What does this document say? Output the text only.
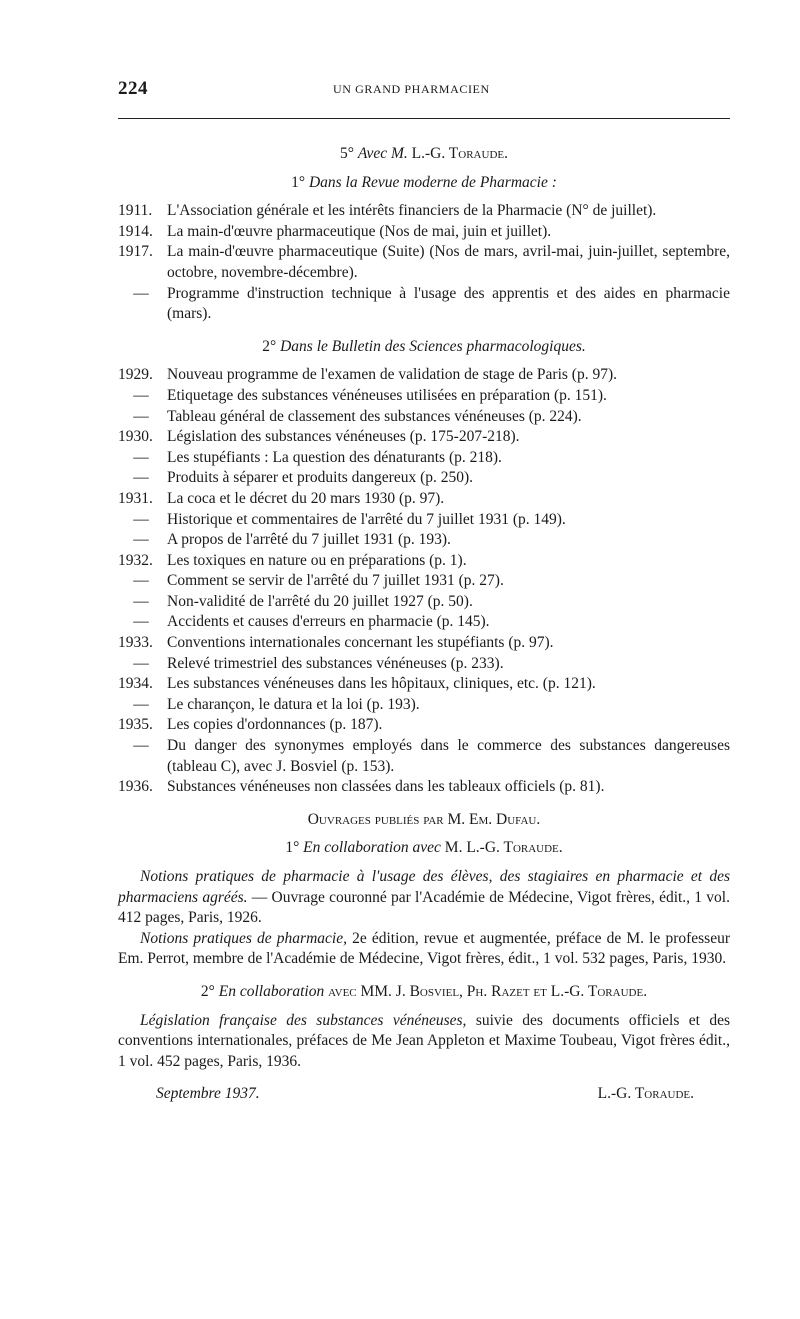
224	UN GRAND PHARMACIEN
5° Avec M. L.-G. Toraude.
1° Dans la Revue moderne de Pharmacie :
1911. L'Association générale et les intérêts financiers de la Pharmacie (N° de juillet).
1914. La main-d'œuvre pharmaceutique (Nos de mai, juin et juillet).
1917. La main-d'œuvre pharmaceutique (Suite) (Nos de mars, avril-mai, juin-juillet, septembre, octobre, novembre-décembre).
—	Programme d'instruction technique à l'usage des apprentis et des aides en pharmacie (mars).
2° Dans le Bulletin des Sciences pharmacologiques.
1929. Nouveau programme de l'examen de validation de stage de Paris (p. 97).
—	Etiquetage des substances vénéneuses utilisées en préparation (p. 151).
—	Tableau général de classement des substances vénéneuses (p. 224).
1930. Législation des substances vénéneuses (p. 175-207-218).
—	Les stupéfiants : La question des dénaturants (p. 218).
—	Produits à séparer et produits dangereux (p. 250).
1931. La coca et le décret du 20 mars 1930 (p. 97).
—	Historique et commentaires de l'arrêté du 7 juillet 1931 (p. 149).
—	A propos de l'arrêté du 7 juillet 1931 (p. 193).
1932. Les toxiques en nature ou en préparations (p. 1).
—	Comment se servir de l'arrêté du 7 juillet 1931 (p. 27).
—	Non-validité de l'arrêté du 20 juillet 1927 (p. 50).
—	Accidents et causes d'erreurs en pharmacie (p. 145).
1933. Conventions internationales concernant les stupéfiants (p. 97).
—	Relevé trimestriel des substances vénéneuses (p. 233).
1934. Les substances vénéneuses dans les hôpitaux, cliniques, etc. (p. 121).
—	Le charançon, le datura et la loi (p. 193).
1935. Les copies d'ordonnances (p. 187).
—	Du danger des synonymes employés dans le commerce des substances dangereuses (tableau C), avec J. Bosviel (p. 153).
1936. Substances vénéneuses non classées dans les tableaux officiels (p. 81).
Ouvrages publiés par M. Em. Dufau.
1° En collaboration avec M. L.-G. Toraude.

Notions pratiques de pharmacie à l'usage des élèves, des stagiaires en pharmacie et des pharmaciens agréés. — Ouvrage couronné par l'Académie de Médecine, Vigot frères, édit., 1 vol. 412 pages, Paris, 1926.

Notions pratiques de pharmacie, 2e édition, revue et augmentée, préface de M. le professeur Em. Perrot, membre de l'Académie de Médecine, Vigot frères, édit., 1 vol. 532 pages, Paris, 1930.

2° En collaboration avec MM. J. Bosviel, Ph. Razet et L.-G. Toraude.

Législation française des substances vénéneuses, suivie des documents officiels et des conventions internationales, préfaces de Me Jean Appleton et Maxime Toubeau, Vigot frères édit., 1 vol. 452 pages, Paris, 1936.

Septembre 1937.	L.-G. Toraude.
